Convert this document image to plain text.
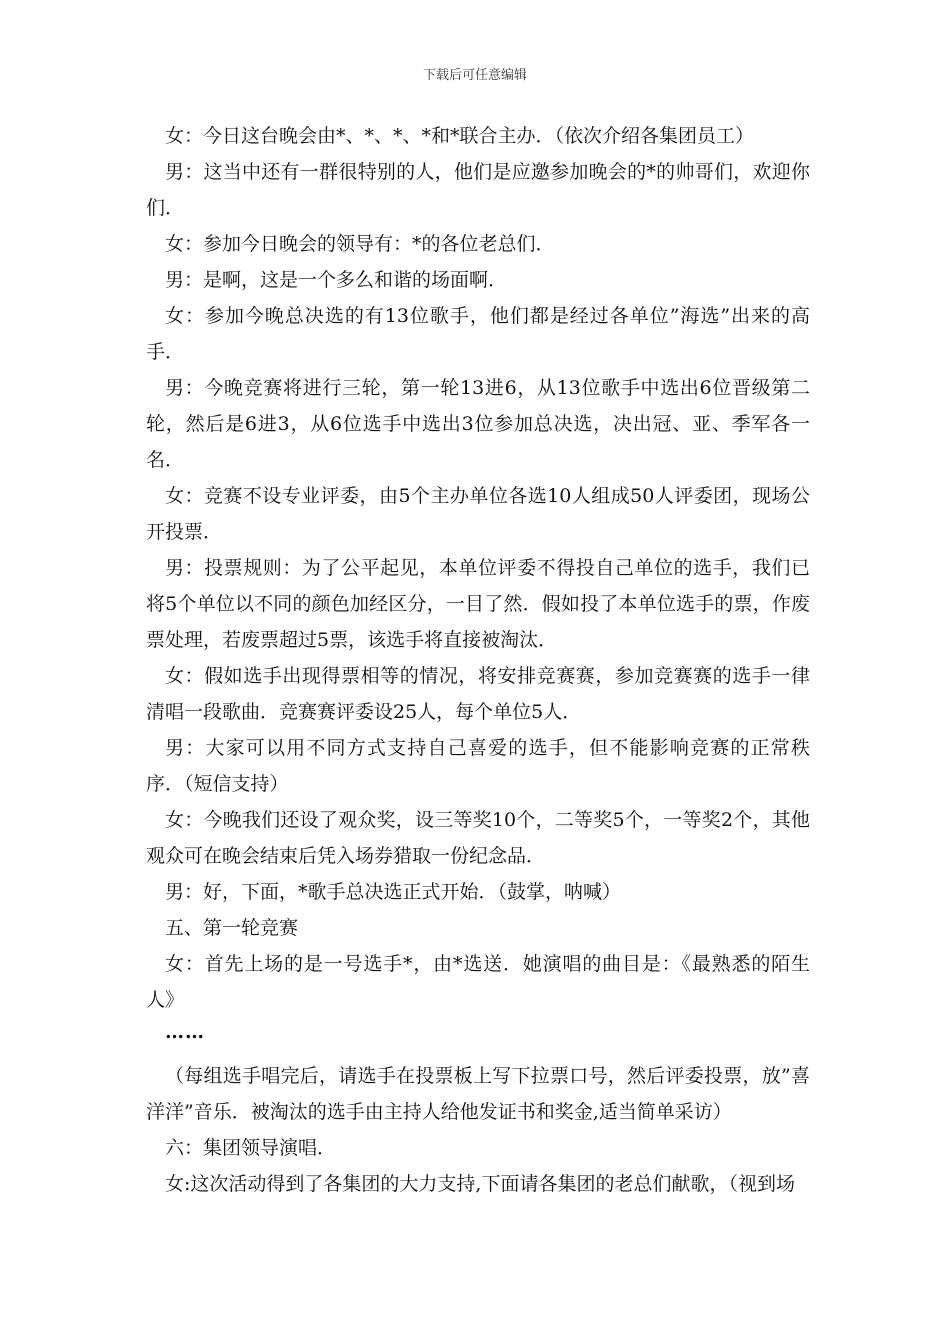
下载后可任意编辑

女：今日这台晚会由*、*、*、*和*联合主办．（依次介绍各集团员工）

男：这当中还有一群很特别的人，他们是应邀参加晚会的*的帅哥们，欢迎你们．

女：参加今日晚会的领导有：*的各位老总们．

男：是啊，这是一个多么和谐的场面啊．

女：参加今晚总决选的有13位歌手，他们都是经过各单位”海选”出来的高手．

男：今晚竞赛将进行三轮，第一轮13进6，从13位歌手中选出6位晋级第二轮，然后是6进3，从6位选手中选出3位参加总决选，决出冠、亚、季军各一名．

女：竞赛不设专业评委，由5个主办单位各选10人组成50人评委团，现场公开投票．

男：投票规则：为了公平起见，本单位评委不得投自己单位的选手，我们已将5个单位以不同的颜色加经区分，一目了然．假如投了本单位选手的票，作废票处理，若废票超过5票，该选手将直接被淘汰．

女：假如选手出现得票相等的情况，将安排竞赛赛，参加竞赛赛的选手一律清唱一段歌曲．竞赛赛评委设25人，每个单位5人．

男：大家可以用不同方式支持自己喜爱的选手，但不能影响竞赛的正常秩序．（短信支持）

女：今晚我们还设了观众奖，设三等奖10个，二等奖5个，一等奖2个，其他观众可在晚会结束后凭入场券猎取一份纪念品．

男：好，下面，*歌手总决选正式开始．（鼓掌，呐喊）

五、第一轮竞赛

女：首先上场的是一号选手*，由*选送．她演唱的曲目是：《最熟悉的陌生人》

……

（每组选手唱完后，请选手在投票板上写下拉票口号，然后评委投票，放”喜洋洋”音乐．被淘汰的选手由主持人给他发证书和奖金,适当简单采访）

六：集团领导演唱．

女:这次活动得到了各集团的大力支持,下面请各集团的老总们献歌，（视到场
